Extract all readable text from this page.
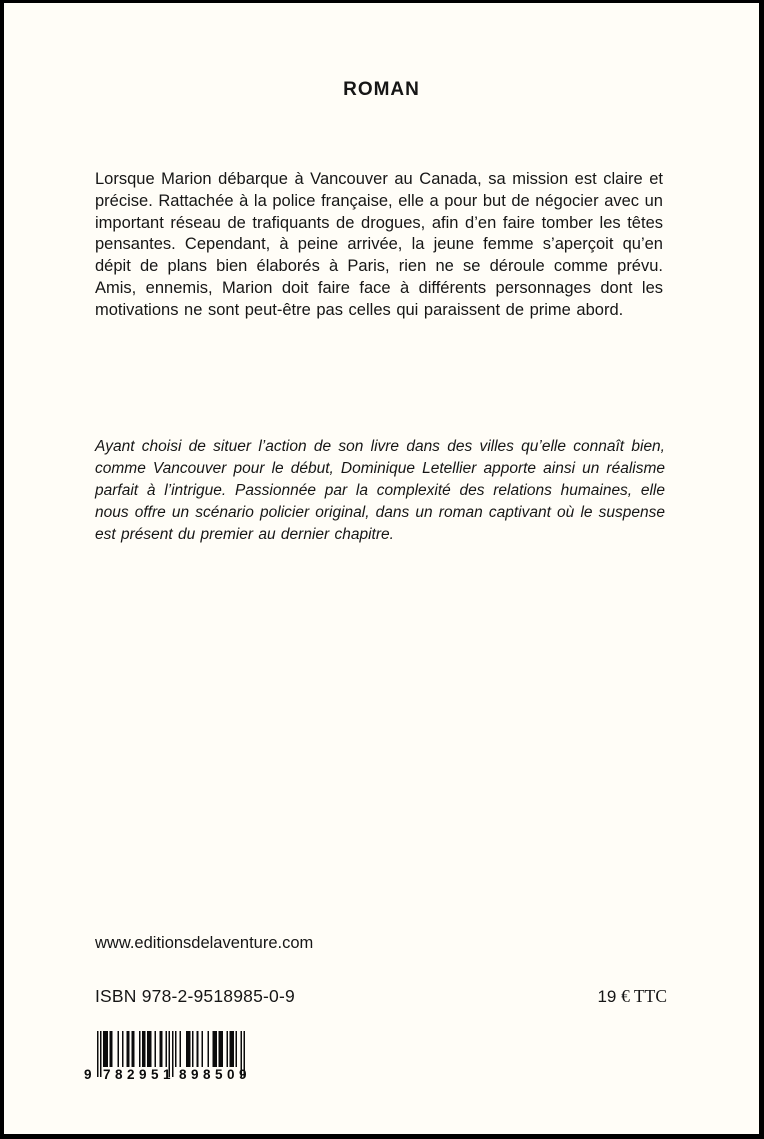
ROMAN

Lorsque Marion débarque à Vancouver au Canada, sa mission est claire et précise. Rattachée à la police française, elle a pour but de négocier avec un important réseau de trafiquants de drogues, afin d’en faire tomber les têtes pensantes. Cependant, à peine arrivée, la jeune femme s’aperçoit qu’en dépit de plans bien élaborés à Paris, rien ne se déroule comme prévu. Amis, ennemis, Marion doit faire face à différents personnages dont les motivations ne sont peut-être pas celles qui paraissent de prime abord.

Ayant choisi de situer l’action de son livre dans des villes qu’elle connaît bien, comme Vancouver pour le début, Dominique Letellier apporte ainsi un réalisme parfait à l’intrigue. Passionnée par la complexité des relations humaines, elle nous offre un scénario policier original, dans un roman captivant où le suspense est présent du premier au dernier chapitre.

www.editionsdelaventure.com
ISBN 978-2-9518985-0-9	19 € TTC
9 782951 898509
